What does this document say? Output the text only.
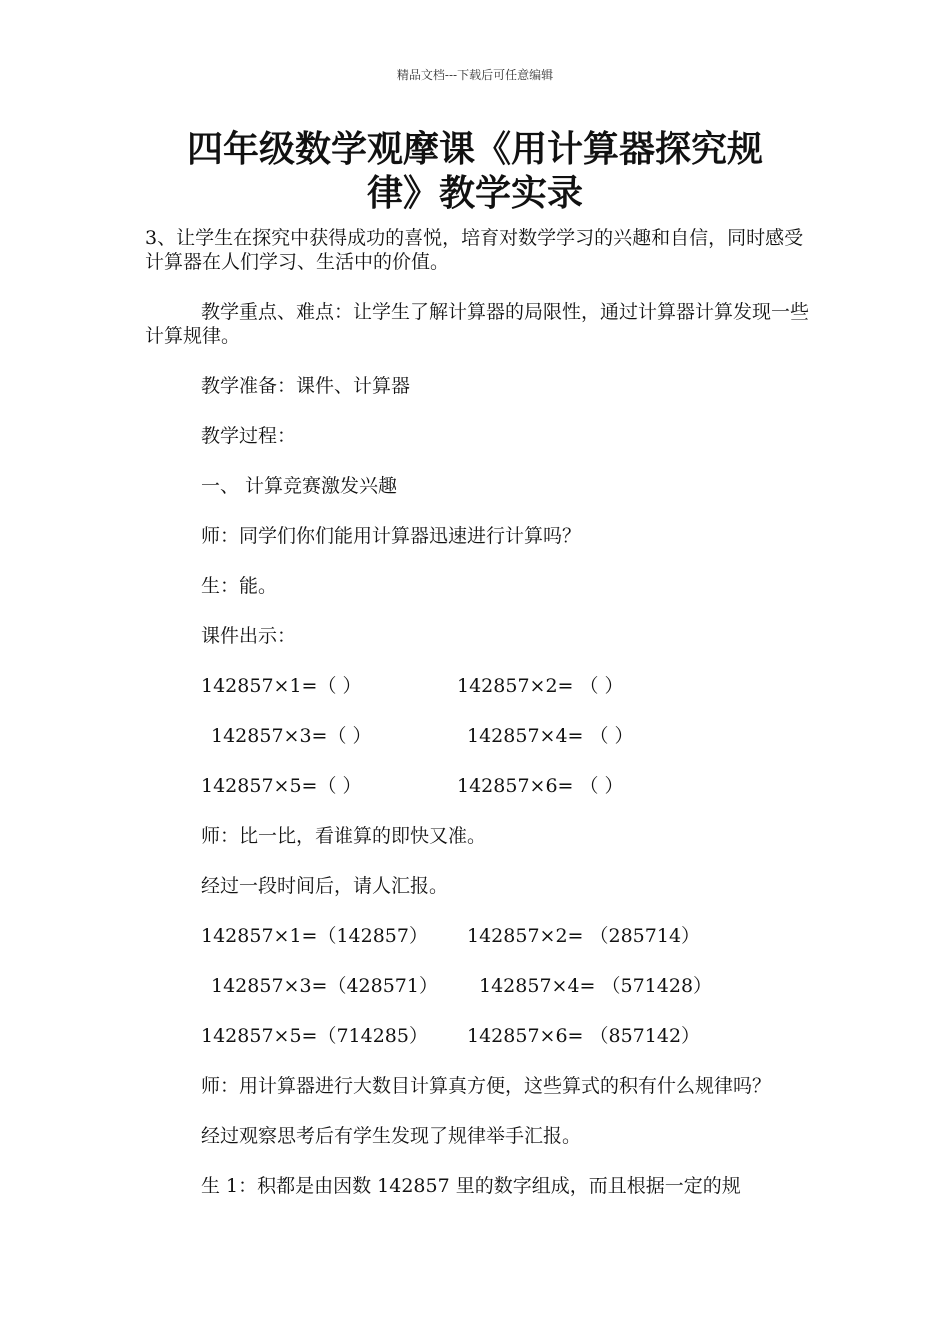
精品文档---下载后可任意编辑
四年级数学观摩课《用计算器探究规
律》教学实录

3、让学生在探究中获得成功的喜悦，培育对数学学习的兴趣和自信，同时感受计算器在人们学习、生活中的价值。

教学重点、难点：让学生了解计算器的局限性，通过计算器计算发现一些计算规律。

教学准备：课件、计算器

教学过程：

一、 计算竞赛激发兴趣

师：同学们你们能用计算器迅速进行计算吗？

生：能。

课件出示：

142857×1=（ ）	142857×2= （ ）
142857×3=（ ）	142857×4= （ ）
142857×5=（ ）	142857×6= （ ）

师：比一比，看谁算的即快又准。

经过一段时间后，请人汇报。

142857×1=（142857） 142857×2= （285714）
142857×3=（428571） 142857×4= （571428）
142857×5=（714285） 142857×6= （857142）

师：用计算器进行大数目计算真方便，这些算式的积有什么规律吗？

经过观察思考后有学生发现了规律举手汇报。

生 1：积都是由因数 142857 里的数字组成，而且根据一定的规
